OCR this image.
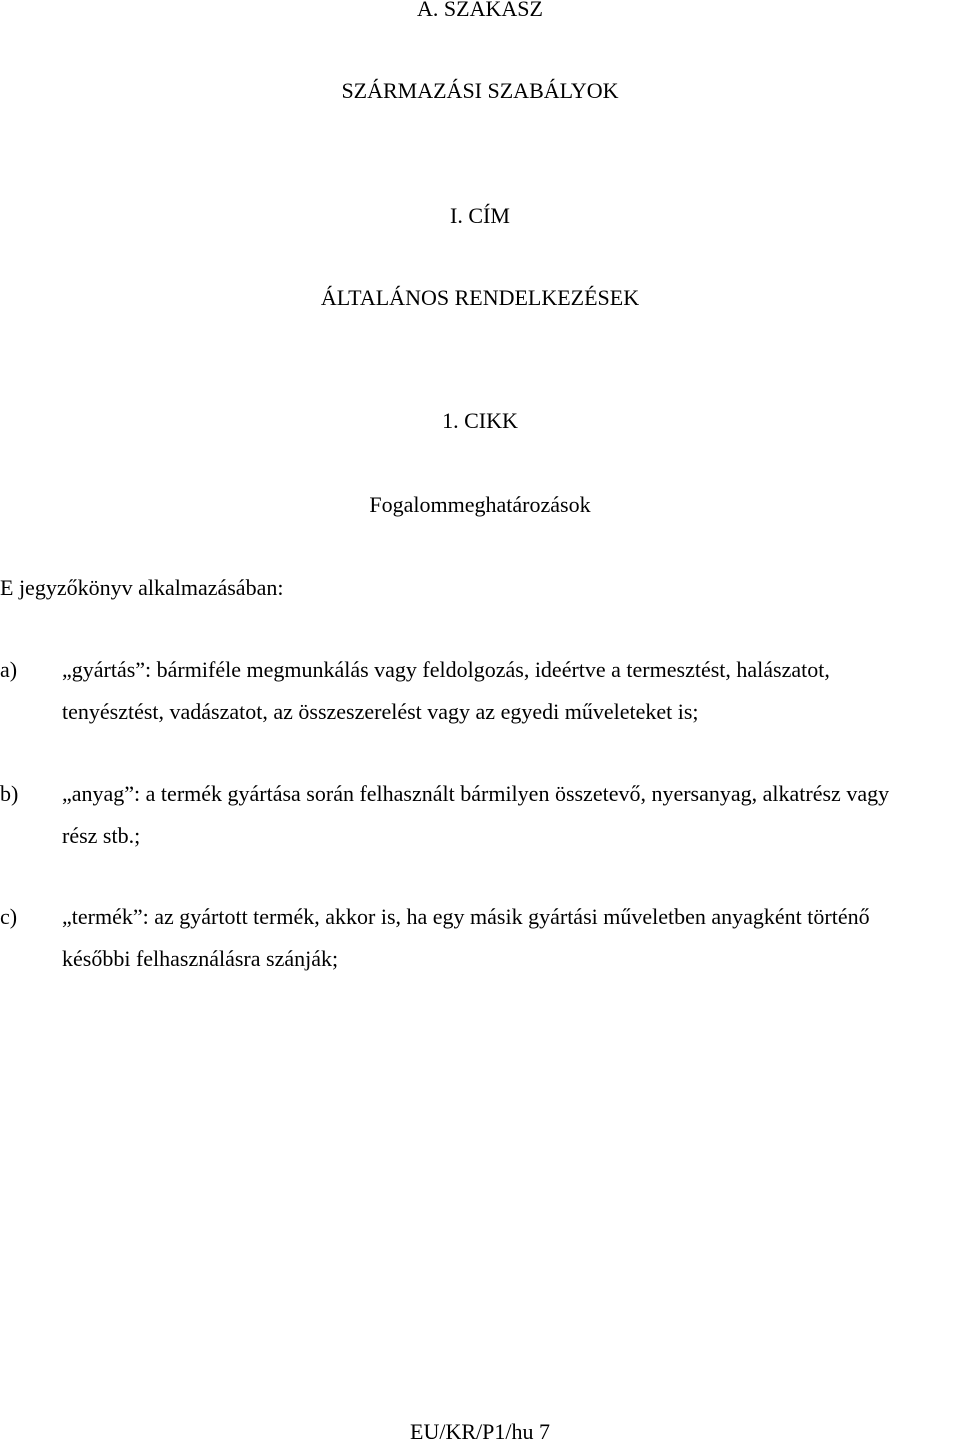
A. SZAKASZ
SZÁRMAZÁSI SZABÁLYOK
I. CÍM
ÁLTALÁNOS RENDELKEZÉSEK
1. CIKK
Fogalommeghatározások
E jegyzőkönyv alkalmazásában:
a) „gyártás”: bármiféle megmunkálás vagy feldolgozás, ideértve a termesztést, halászatot,
tenyésztést, vadászatot, az összeszerelést vagy az egyedi műveleteket is;
b) „anyag”: a termék gyártása során felhasznált bármilyen összetevő, nyersanyag, alkatrész vagy
rész stb.;
c) „termék”: az gyártott termék, akkor is, ha egy másik gyártási műveletben anyagként történő
későbbi felhasználásra szánják;
EU/KR/P1/hu 7
